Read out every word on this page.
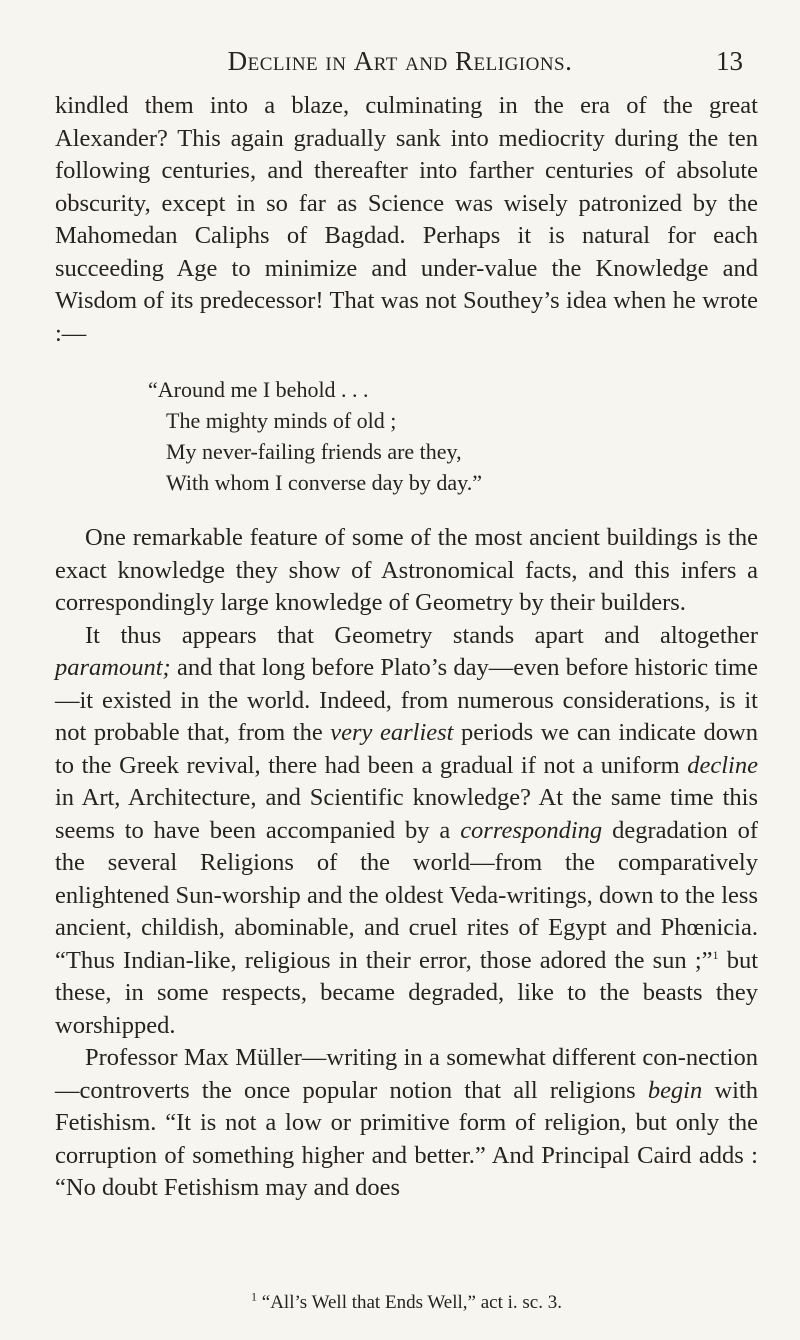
Decline in Art and Religions.	13

kindled them into a blaze, culminating in the era of the great Alexander? This again gradually sank into mediocrity during the ten following centuries, and thereafter into farther centuries of absolute obscurity, except in so far as Science was wisely patronized by the Mahomedan Caliphs of Bagdad. Perhaps it is natural for each succeeding Age to minimize and under-value the Knowledge and Wisdom of its predecessor! That was not Southey’s idea when he wrote :—

“Around me I behold . . .
The mighty minds of old ;
My never-failing friends are they,
With whom I converse day by day.”

One remarkable feature of some of the most ancient buildings is the exact knowledge they show of Astronomical facts, and this infers a correspondingly large knowledge of Geometry by their builders.

It thus appears that Geometry stands apart and altogether paramount; and that long before Plato’s day—even before historic time—it existed in the world. Indeed, from numerous considerations, is it not probable that, from the very earliest periods we can indicate down to the Greek revival, there had been a gradual if not a uniform decline in Art, Architecture, and Scientific knowledge? At the same time this seems to have been accompanied by a corresponding degradation of the several Religions of the world—from the comparatively enlightened Sun-worship and the oldest Veda-writings, down to the less ancient, childish, abominable, and cruel rites of Egypt and Phœnicia. “Thus Indian-like, religious in their error, those adored the sun ;”$^1$ but these, in some respects, became degraded, like to the beasts they worshipped.

Professor Max Müller—writing in a somewhat different con-nection—controverts the once popular notion that all religions begin with Fetishism. “It is not a low or primitive form of religion, but only the corruption of something higher and better.” And Principal Caird adds : “No doubt Fetishism may and does

$^1$ “All’s Well that Ends Well,” act i. sc. 3.
